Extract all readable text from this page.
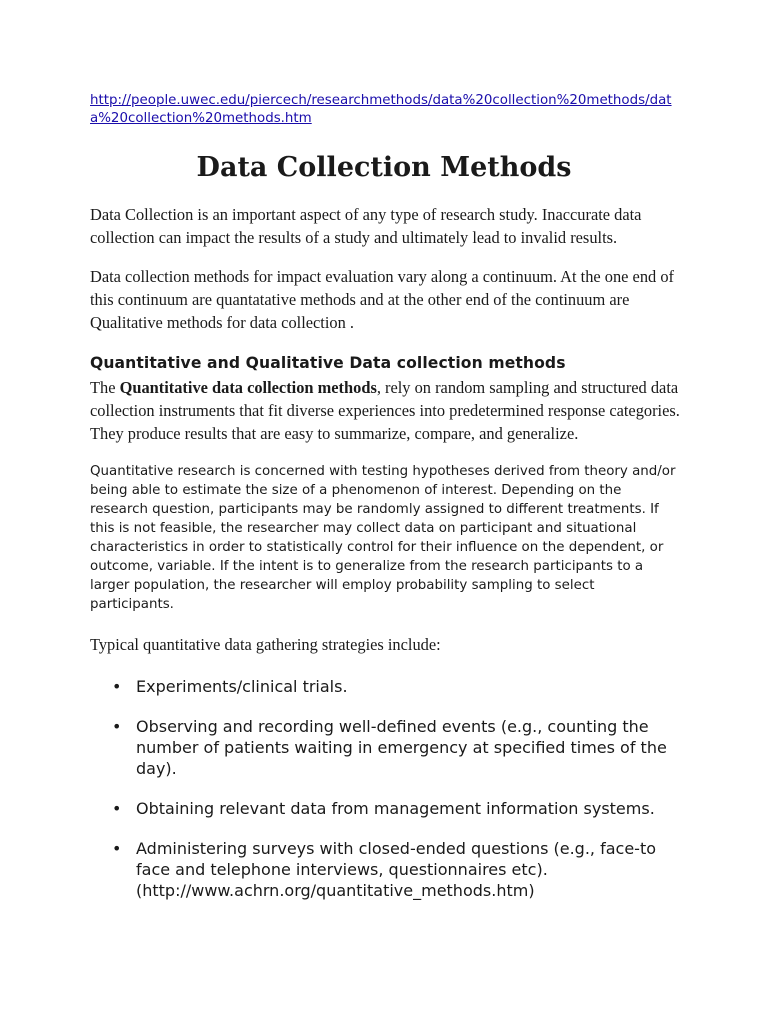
http://people.uwec.edu/piercech/researchmethods/data%20collection%20methods/data%20collection%20methods.htm
Data Collection Methods

Data Collection is an important aspect of any type of research study. Inaccurate data collection can impact the results of a study and ultimately lead to invalid results.

Data collection methods for impact evaluation vary along a continuum. At the one end of this continuum are quantatative methods and at the other end of the continuum are Qualitative methods for data collection .

Quantitative and Qualitative Data collection methods

The Quantitative data collection methods, rely on random sampling and structured data collection instruments that fit diverse experiences into predetermined response categories. They produce results that are easy to summarize, compare, and generalize.

Quantitative research is concerned with testing hypotheses derived from theory and/or being able to estimate the size of a phenomenon of interest. Depending on the research question, participants may be randomly assigned to different treatments. If this is not feasible, the researcher may collect data on participant and situational characteristics in order to statistically control for their influence on the dependent, or outcome, variable. If the intent is to generalize from the research participants to a larger population, the researcher will employ probability sampling to select participants.

Typical quantitative data gathering strategies include:

• Experiments/clinical trials.
• Observing and recording well-defined events (e.g., counting the number of patients waiting in emergency at specified times of the day).
• Obtaining relevant data from management information systems.
• Administering surveys with closed-ended questions (e.g., face-to face and telephone interviews, questionnaires etc). (http://www.achrn.org/quantitative_methods.htm)
